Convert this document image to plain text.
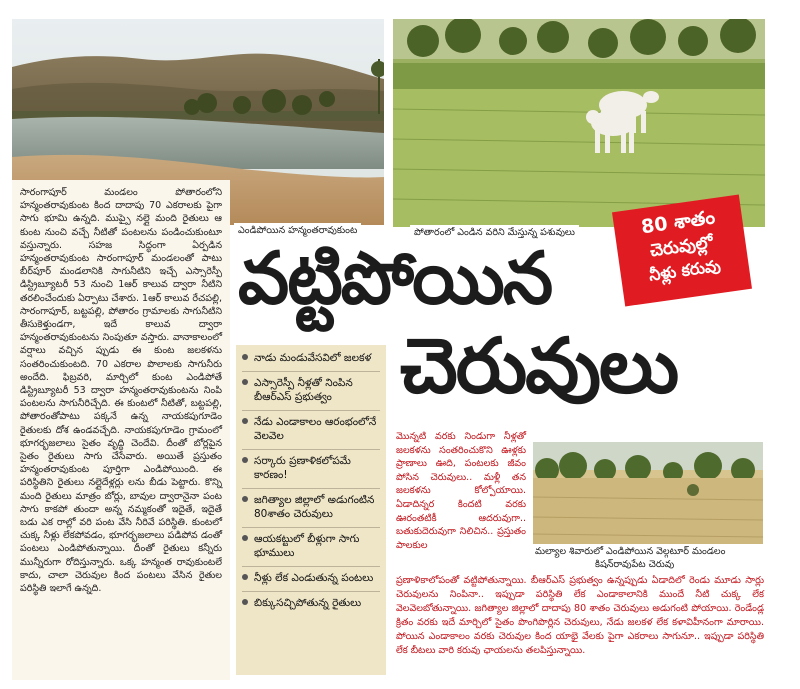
ఎండిపోయిన హన్మంతరావుకుంట	పోతారంలో ఎండిన వరిని మేస్తున్న పశువులు	80 శాతం
చెరువుల్లో
నీళ్లు కరువు

సారంగాపూర్ మండలం పోతారంలోని హన్మంతరావుకుంట కింద దాదాపు 70 ఎకరాలకు పైగా సాగు భూమి ఉన్నది. ముప్పై నల్లై మంది రైతులు ఆ కుంట నుంచి వచ్చే నీటితో పంటలను పండించుకుంటూ వస్తున్నారు. సహజ సిద్ధంగా ఏర్పడిన హన్మంతరావుకుంట సారంగాపూర్ మండలంతో పాటు బీర్‌పూర్ మండలానికి సాగునీటిని ఇచ్చే ఎస్సారెస్పీ డిస్ట్రిబ్యూటరీ 53 నుంచి 1ఆర్ కాలువ ద్వారా నీటిని తరలించేందుకు ఏర్పాటు చేశారు. 1ఆర్ కాలువ రేచపల్లి, సారంగాపూర్, బట్టపల్లి, పోతారం గ్రామాలకు సాగునీటిని తీసుకెళ్తుండగా, ఇదే కాలువ ద్వారా హన్మంతరావుకుంటను నింపుతూ వస్తారు. వానాకాలంలో వర్షాలు వచ్చిన ప్పుడు ఈ కుంట జలకళను సంతరించుకుంటది. 70 ఎకరాల పొలాలకు సాగునీరు అందేది. ఫిబ్రవరి, మార్చిలో కుంట ఎండిపోతే డిస్ట్రిబ్యూటరీ 53 ద్వారా హన్మంతరావుకుంటను నింపి పంటలను సాగునీరిచ్చేది. ఈ కుంటలో నీటితో, బట్టపల్లి, పోతారంతోపాటు పక్కనే ఉన్న నాయకపుగూడెం రైతులకు దోశ ఉండవచ్చేది. నాయకపుగూడెం గ్రామంలో భూగర్భజలాలు సైతం వృద్ధి చెందేవి. దీంతో బోర్లపైన సైతం రైతులు సాగు చేసేవారు. అయితే ప్రస్తుతం హన్మంతరావుకుంట పూర్తిగా ఎండిపోయింది. ఈ పరిస్థితిని రైతులు నల్లైదేళ్లర్లు లను బీడు పెట్టారు. కొన్ని మంది రైతులు మాత్రం బోర్లు, బావుల ద్వారానైనా పంట సాగు కాకపో తుందా అన్న నమ్మకంతో ఇదైతే, ఇదైతే బడు ఎక రాల్లో వరి పంట వేసి నీరివే పరిస్థితి. కుంటలో చుక్క నీళ్లు లేకపోవడం, భూగర్భజలాలు పడిపోవ డంతో పంటలు ఎండిపోతున్నాయి. దీంతో రైతులు కన్నీరు మున్నీరుగా రోదిస్తున్నారు. ఒక్క హన్మంత రావుకుంటలే కాదు, చాలా చెరువుల కింద పంటలు వేసిన రైతుల పరిస్థితి ఇలాగే ఉన్నది.

వట్టిపోయిన
చెరువులు
నాడు మండువేసవిలో జలకళ
ఎస్సారెస్పీ నీళ్లతో నింపిన బీఆర్‌ఎస్ ప్రభుత్వం
నేడు ఎండాకాలం ఆరంభంలోనే వెలవెల
సర్కారు ప్రణాళికలోపమే కారణం!
జగిత్యాల జిల్లాలో అడుగంటిన 80శాతం చెరువులు
ఆయకట్టులో బీళ్లుగా సాగు భూములు
నీళ్లు లేక ఎండుతున్న పంటలు
బిక్కుసచ్చిపోతున్న రైతులు

మొన్నటి వరకు నిండుగా నీళ్లతో జలకళను సంతరించుకొని ఊళ్లకు ప్రాణాలు ఊది, పంటలకు జీవం పోసిన చెరువులు.. మళ్లీ తన జలకళను కోల్పోయాయి. ఏడాదిన్నర కిందటి వరకు ఊరంతటికీ ఆదరువుగా.. బతుకుదెరువుగా నిలిచిన.. ప్రస్తుతం పాలకుల

మల్యాల శివారులో ఎండిపోయిన వెల్గటూర్ మండలం
కిషన్‌రావుపేట చెరువు

ప్రణాళికాలోపంతో వట్టిపోతున్నాయి. బీఆర్‌ఎస్ ప్రభుత్వం ఉన్నప్పుడు ఏడాదిలో రెండు మూడు సార్లు చెరువులను నింపినా.. ఇప్పుడా పరిస్థితి లేక ఎండాకాలానికి ముందే నీటి చుక్క లేక వెలవెలబోతున్నాయి. జగిత్యాల జిల్లాలో దాదాపు 80 శాతం చెరువులు అడుగంటి పోయాయి. రెండేండ్ల క్రితం వరకు ఇదే మార్చిలో సైతం పొంగిపొర్లిన చెరువులు, నేడు జలకళ లేక కళావిహీనంగా మారాయి. పోయిన ఎండాకాలం వరకు చెరువుల కింద యాభై వేలకు పైగా ఎకరాలు సాగునూ.. ఇప్పుడా పరిస్థితి లేక బీటలు వారి కరువు ఛాయలను తలపిస్తున్నాయి.
